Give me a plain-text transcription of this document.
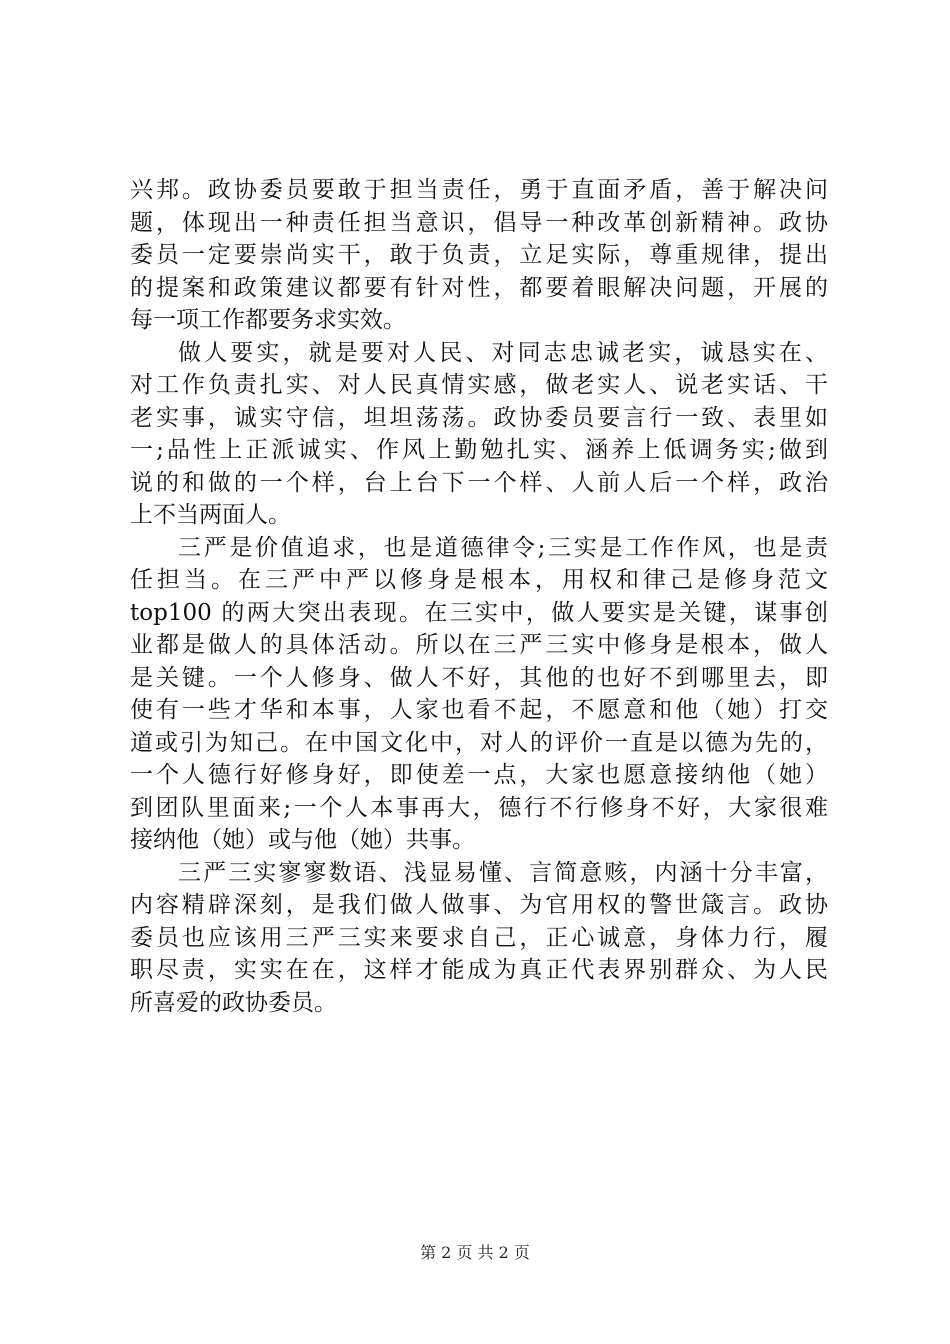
兴邦。政协委员要敢于担当责任，勇于直面矛盾，善于解决问
题，体现出一种责任担当意识，倡导一种改革创新精神。政协
委员一定要崇尚实干，敢于负责，立足实际，尊重规律，提出
的提案和政策建议都要有针对性，都要着眼解决问题，开展的
每一项工作都要务求实效。
做人要实，就是要对人民、对同志忠诚老实，诚恳实在、
对工作负责扎实、对人民真情实感，做老实人、说老实话、干
老实事，诚实守信，坦坦荡荡。政协委员要言行一致、表里如
一;品性上正派诚实、作风上勤勉扎实、涵养上低调务实;做到
说的和做的一个样，台上台下一个样、人前人后一个样，政治
上不当两面人。
三严是价值追求，也是道德律令;三实是工作作风，也是责
任担当。在三严中严以修身是根本，用权和律己是修身范文
top100 的两大突出表现。在三实中，做人要实是关键，谋事创
业都是做人的具体活动。所以在三严三实中修身是根本，做人
是关键。一个人修身、做人不好，其他的也好不到哪里去，即
使有一些才华和本事，人家也看不起，不愿意和他（她）打交
道或引为知己。在中国文化中，对人的评价一直是以德为先的，
一个人德行好修身好，即使差一点，大家也愿意接纳他（她）
到团队里面来;一个人本事再大，德行不行修身不好，大家很难
接纳他（她）或与他（她）共事。
三严三实寥寥数语、浅显易懂、言简意赅，内涵十分丰富，
内容精辟深刻，是我们做人做事、为官用权的警世箴言。政协
委员也应该用三严三实来要求自己，正心诚意，身体力行，履
职尽责，实实在在，这样才能成为真正代表界别群众、为人民
所喜爱的政协委员。
第 2 页 共 2 页
